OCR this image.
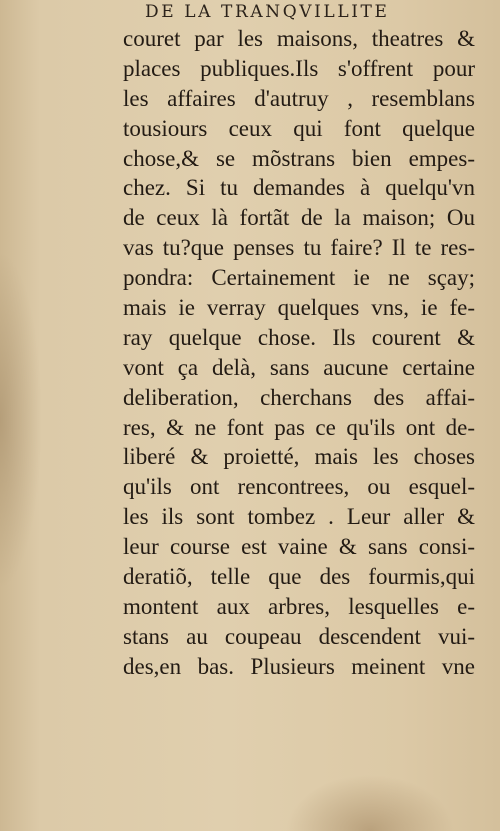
DE LA TRANQVILLITE
couret par les maisons, theatres &
places publiques.Ils s'offrent pour
les affaires d'autruy , resemblans
tousiours ceux qui font quelque
chose,& se mõstrans bien empes-
chez. Si tu demandes à quelqu'vn
de ceux là fortãt de la maison; Ou
vas tu?que penses tu faire? Il te res-
pondra: Certainement ie ne sçay;
mais ie verray quelques vns, ie fe-
ray quelque chose. Ils courent &
vont ça delà, sans aucune certaine
deliberation, cherchans des affai-
res, & ne font pas ce qu'ils ont de-
liberé & proietté, mais les choses
qu'ils ont rencontrees, ou esquel-
les ils sont tombez . Leur aller &
leur course est vaine & sans consi-
deratiõ, telle que des fourmis,qui
montent aux arbres, lesquelles e-
stans au coupeau descendent vui-
des,en bas. Plusieurs meinent vne
